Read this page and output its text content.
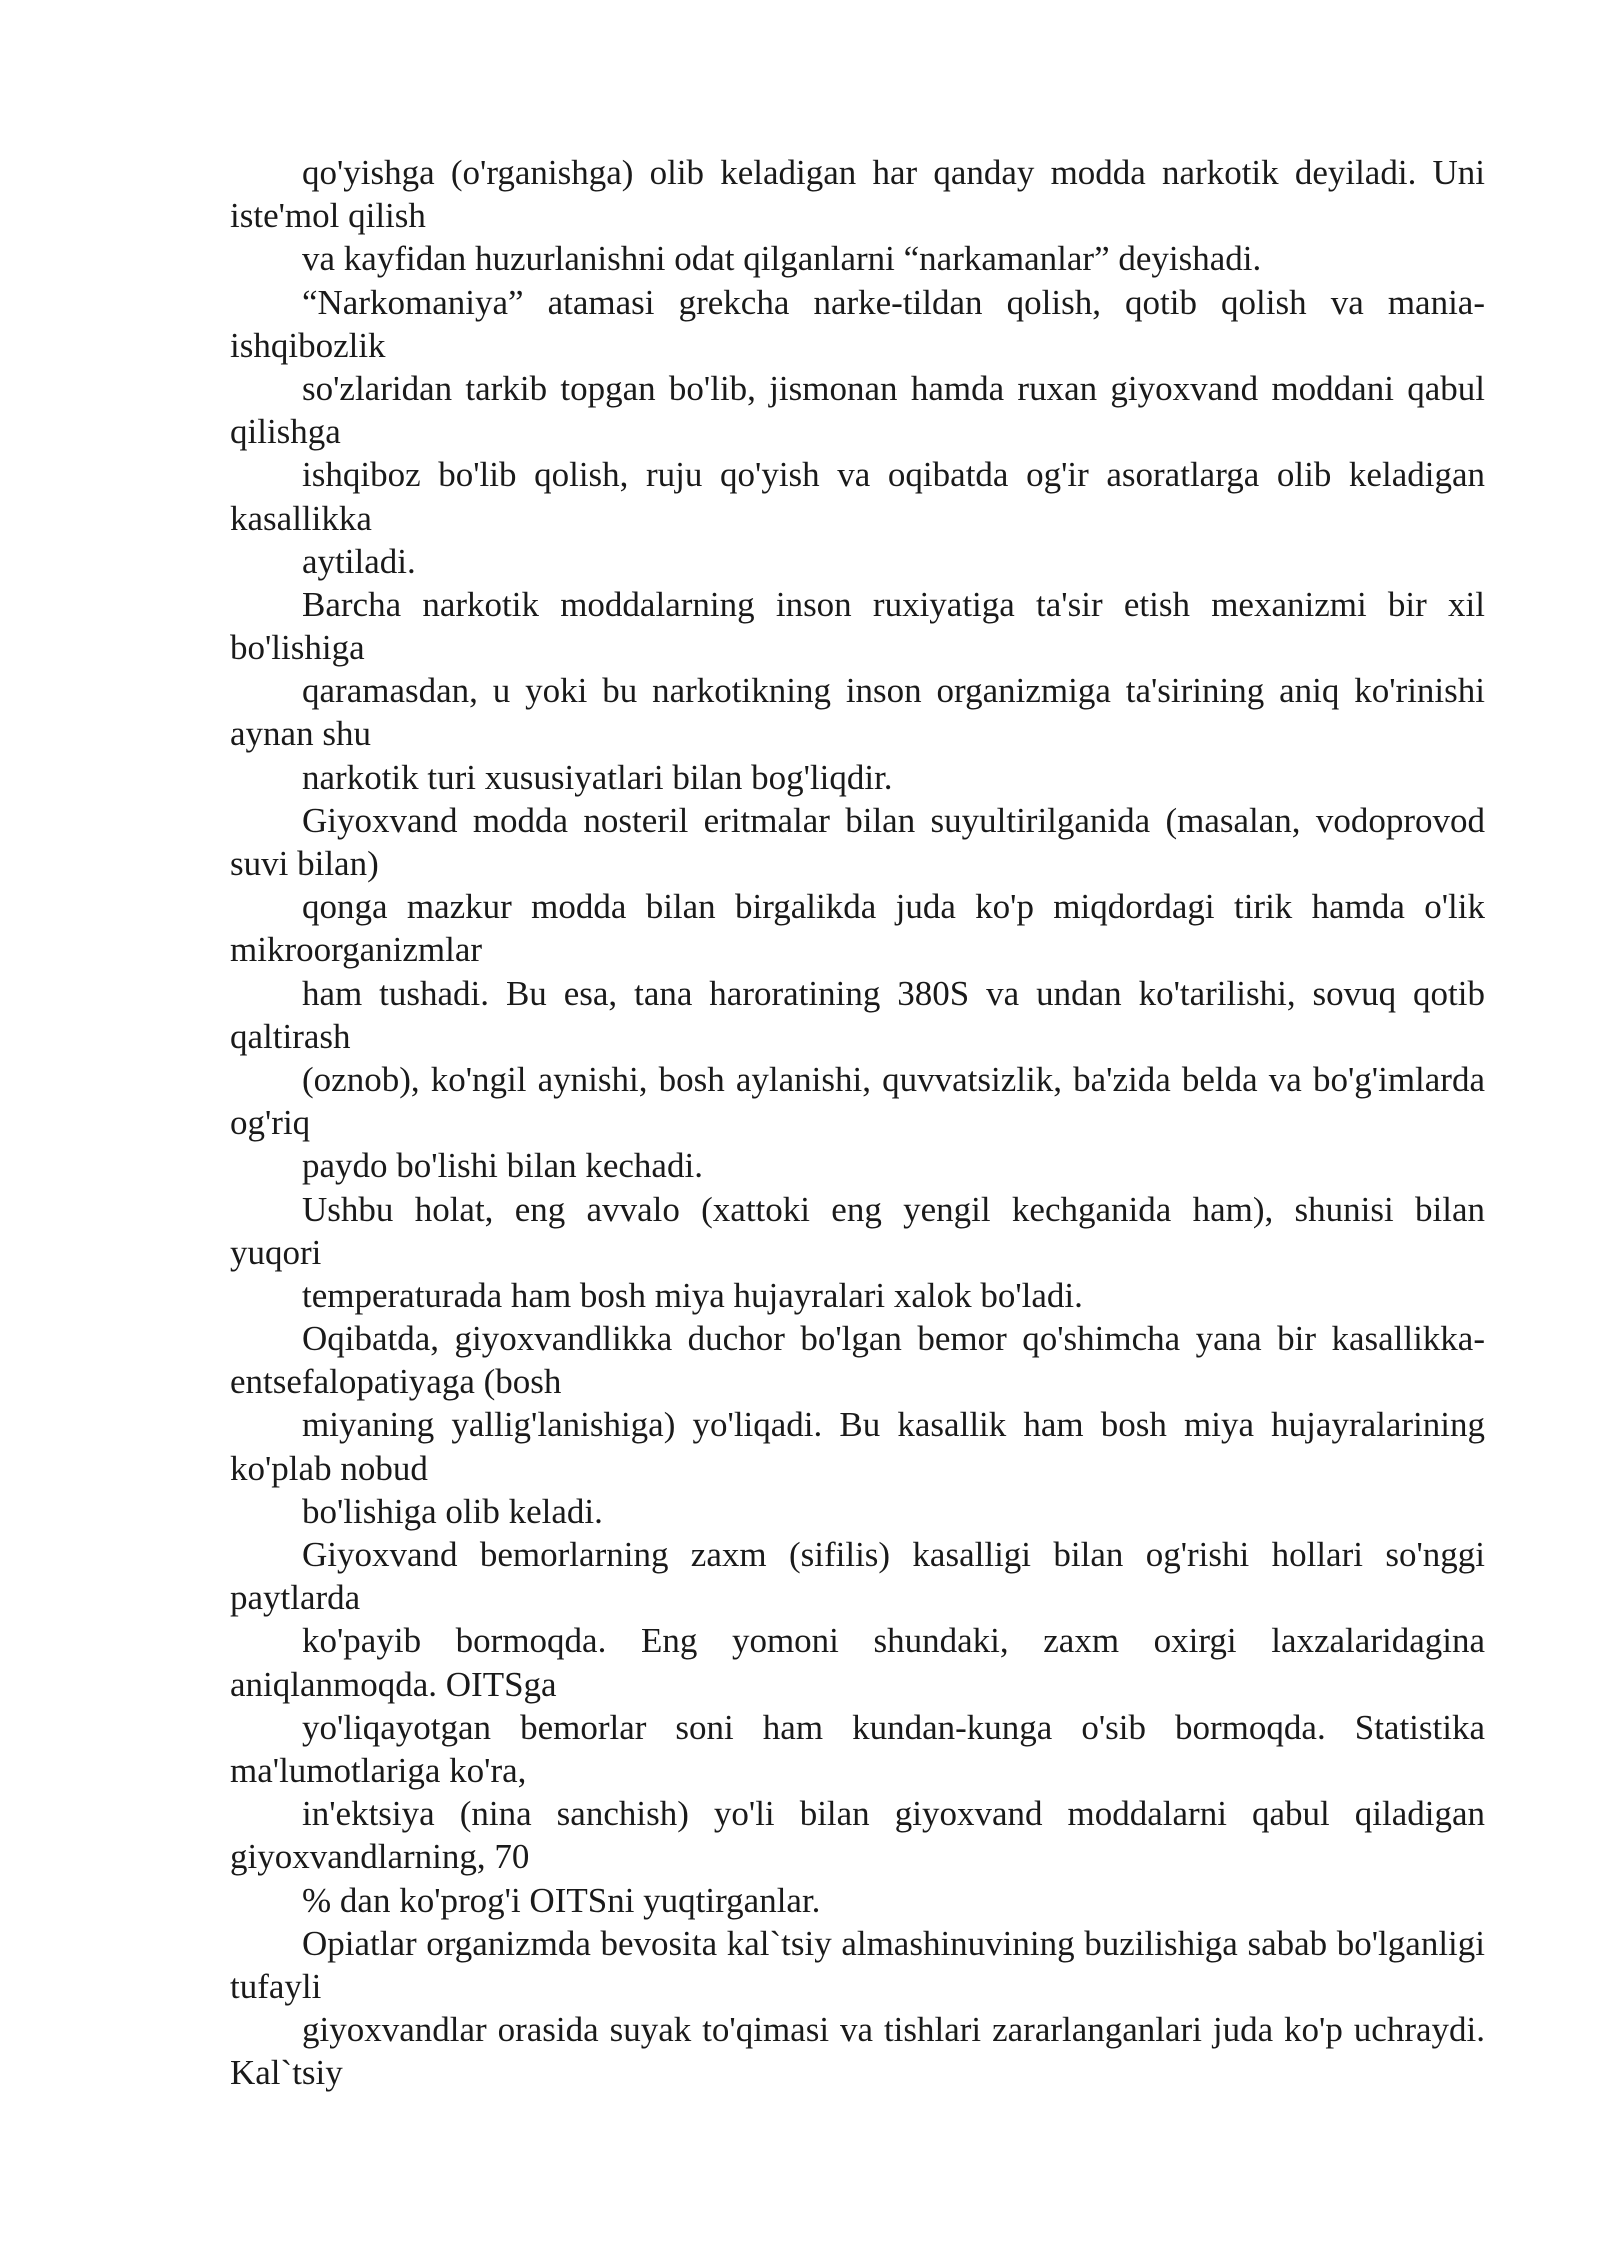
qo'yishga (o'rganishga) olib keladigan har qanday modda narkotik deyiladi. Uni
iste'mol qilish
va kayfidan huzurlanishni odat qilganlarni “narkamanlar” deyishadi.
“Narkomaniya” atamasi grekcha narke-tildan qolish, qotib qolish va mania-
ishqibozlik
so'zlaridan tarkib topgan bo'lib, jismonan hamda ruxan giyoxvand moddani qabul
qilishga
ishqiboz bo'lib qolish, ruju qo'yish va oqibatda og'ir asoratlarga olib keladigan
kasallikka
aytiladi.
Barcha narkotik moddalarning inson ruxiyatiga ta'sir etish mexanizmi bir xil
bo'lishiga
qaramasdan, u yoki bu narkotikning inson organizmiga ta'sirining aniq ko'rinishi
aynan shu
narkotik turi xususiyatlari bilan bog'liqdir.
Giyoxvand modda nosteril eritmalar bilan suyultirilganida (masalan, vodoprovod
suvi bilan)
qonga mazkur modda bilan birgalikda juda ko'p miqdordagi tirik hamda o'lik
mikroorganizmlar
ham tushadi. Bu esa, tana haroratining 380S va undan ko'tarilishi, sovuq qotib
qaltirash
(oznob), ko'ngil aynishi, bosh aylanishi, quvvatsizlik, ba'zida belda va bo'g'imlarda
og'riq
paydo bo'lishi bilan kechadi.
Ushbu holat, eng avvalo (xattoki eng yengil kechganida ham), shunisi bilan
yuqori
temperaturada ham bosh miya hujayralari xalok bo'ladi.
Oqibatda, giyoxvandlikka duchor bo'lgan bemor qo'shimcha yana bir kasallikka-
entsefalopatiyaga (bosh
miyaning yallig'lanishiga) yo'liqadi. Bu kasallik ham bosh miya hujayralarining
ko'plab nobud
bo'lishiga olib keladi.
Giyoxvand bemorlarning zaxm (sifilis) kasalligi bilan og'rishi hollari so'nggi
paytlarda
ko'payib bormoqda. Eng yomoni shundaki, zaxm oxirgi laxzalaridagina
aniqlanmoqda. OITSga
yo'liqayotgan bemorlar soni ham kundan-kunga o'sib bormoqda. Statistika
ma'lumotlariga ko'ra,
in'ektsiya (nina sanchish) yo'li bilan giyoxvand moddalarni qabul qiladigan
giyoxvandlarning, 70
% dan ko'prog'i OITSni yuqtirganlar.
Opiatlar organizmda bevosita kal`tsiy almashinuvining buzilishiga sabab bo'lganligi
tufayli
giyoxvandlar orasida suyak to'qimasi va tishlari zararlanganlari juda ko'p uchraydi.
Kal`tsiy
